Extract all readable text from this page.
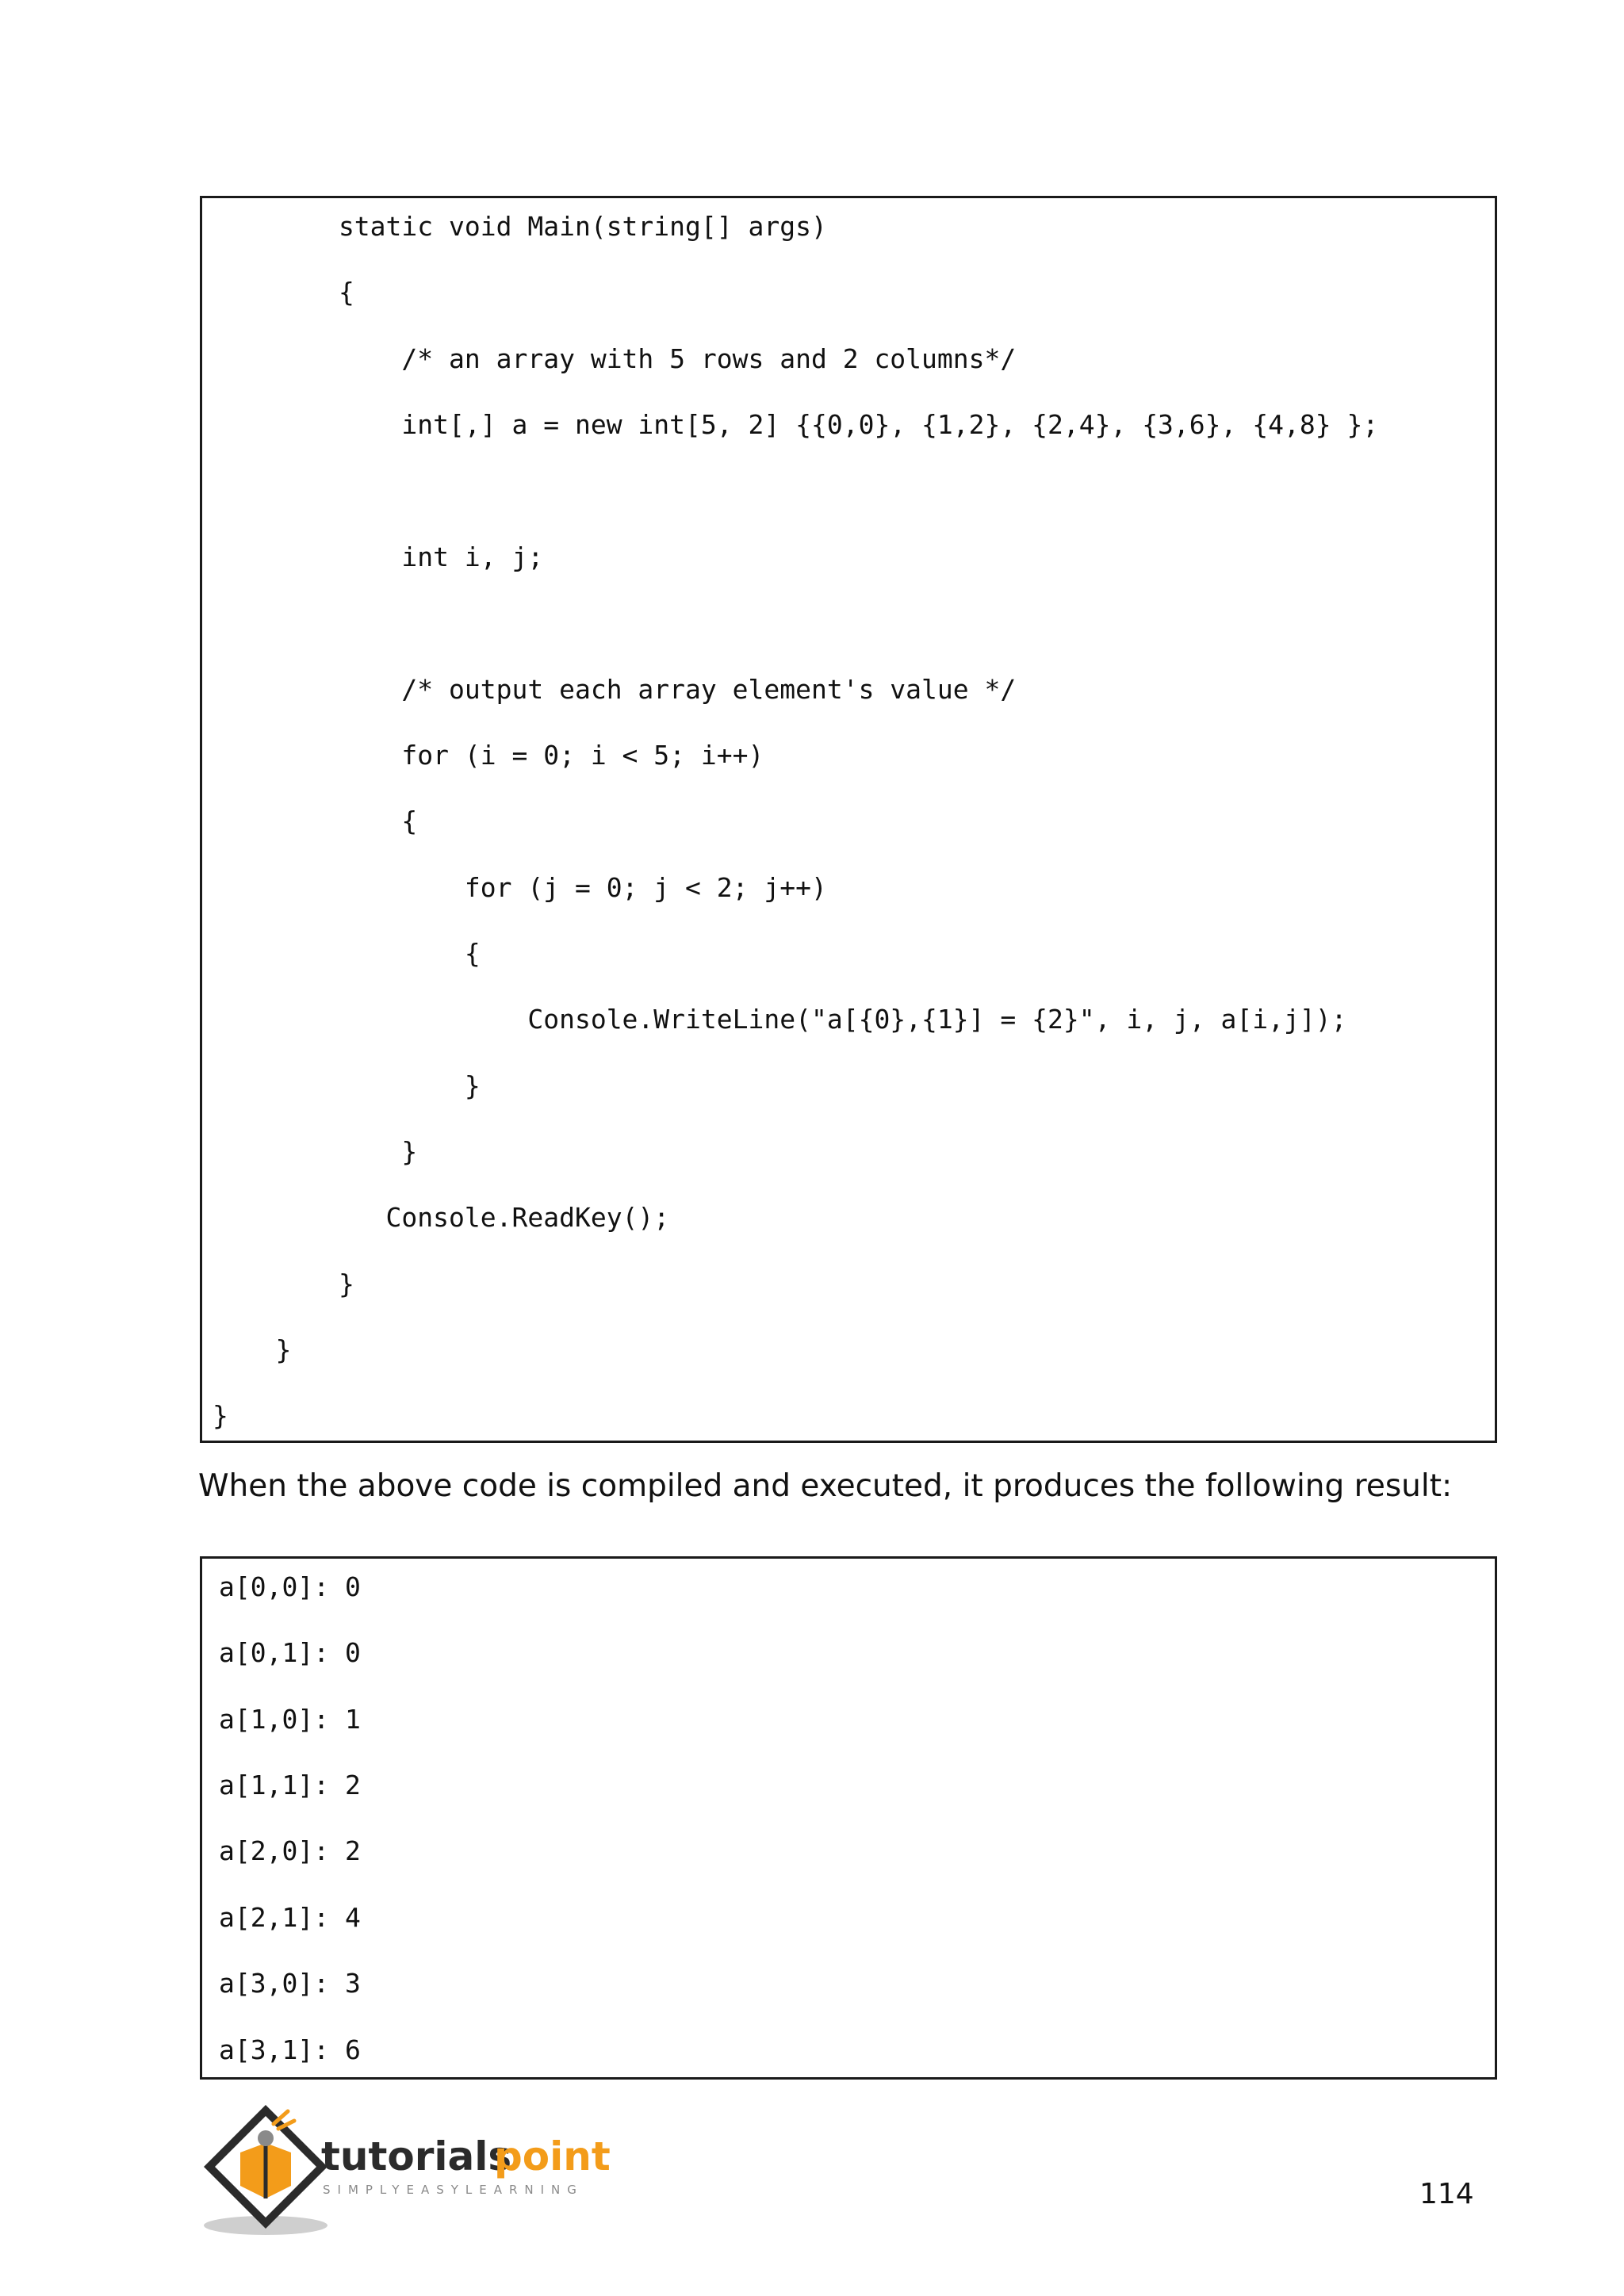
static void Main(string[] args)
{
/* an array with 5 rows and 2 columns*/
int[,] a = new int[5, 2] {{0,0}, {1,2}, {2,4}, {3,6}, {4,8} };
int i, j;
/* output each array element's value */
for (i = 0; i < 5; i++)
{
for (j = 0; j < 2; j++)
{
Console.WriteLine("a[{0},{1}] = {2}", i, j, a[i,j]);
}
}
Console.ReadKey();
}
}
}
When the above code is compiled and executed, it produces the following result:
a[0,0]: 0
a[0,1]: 0
a[1,0]: 1
a[1,1]: 2
a[2,0]: 2
a[2,1]: 4
a[3,0]: 3
a[3,1]: 6
tutorials
point
SIMPLYEASYLEARNING	114
